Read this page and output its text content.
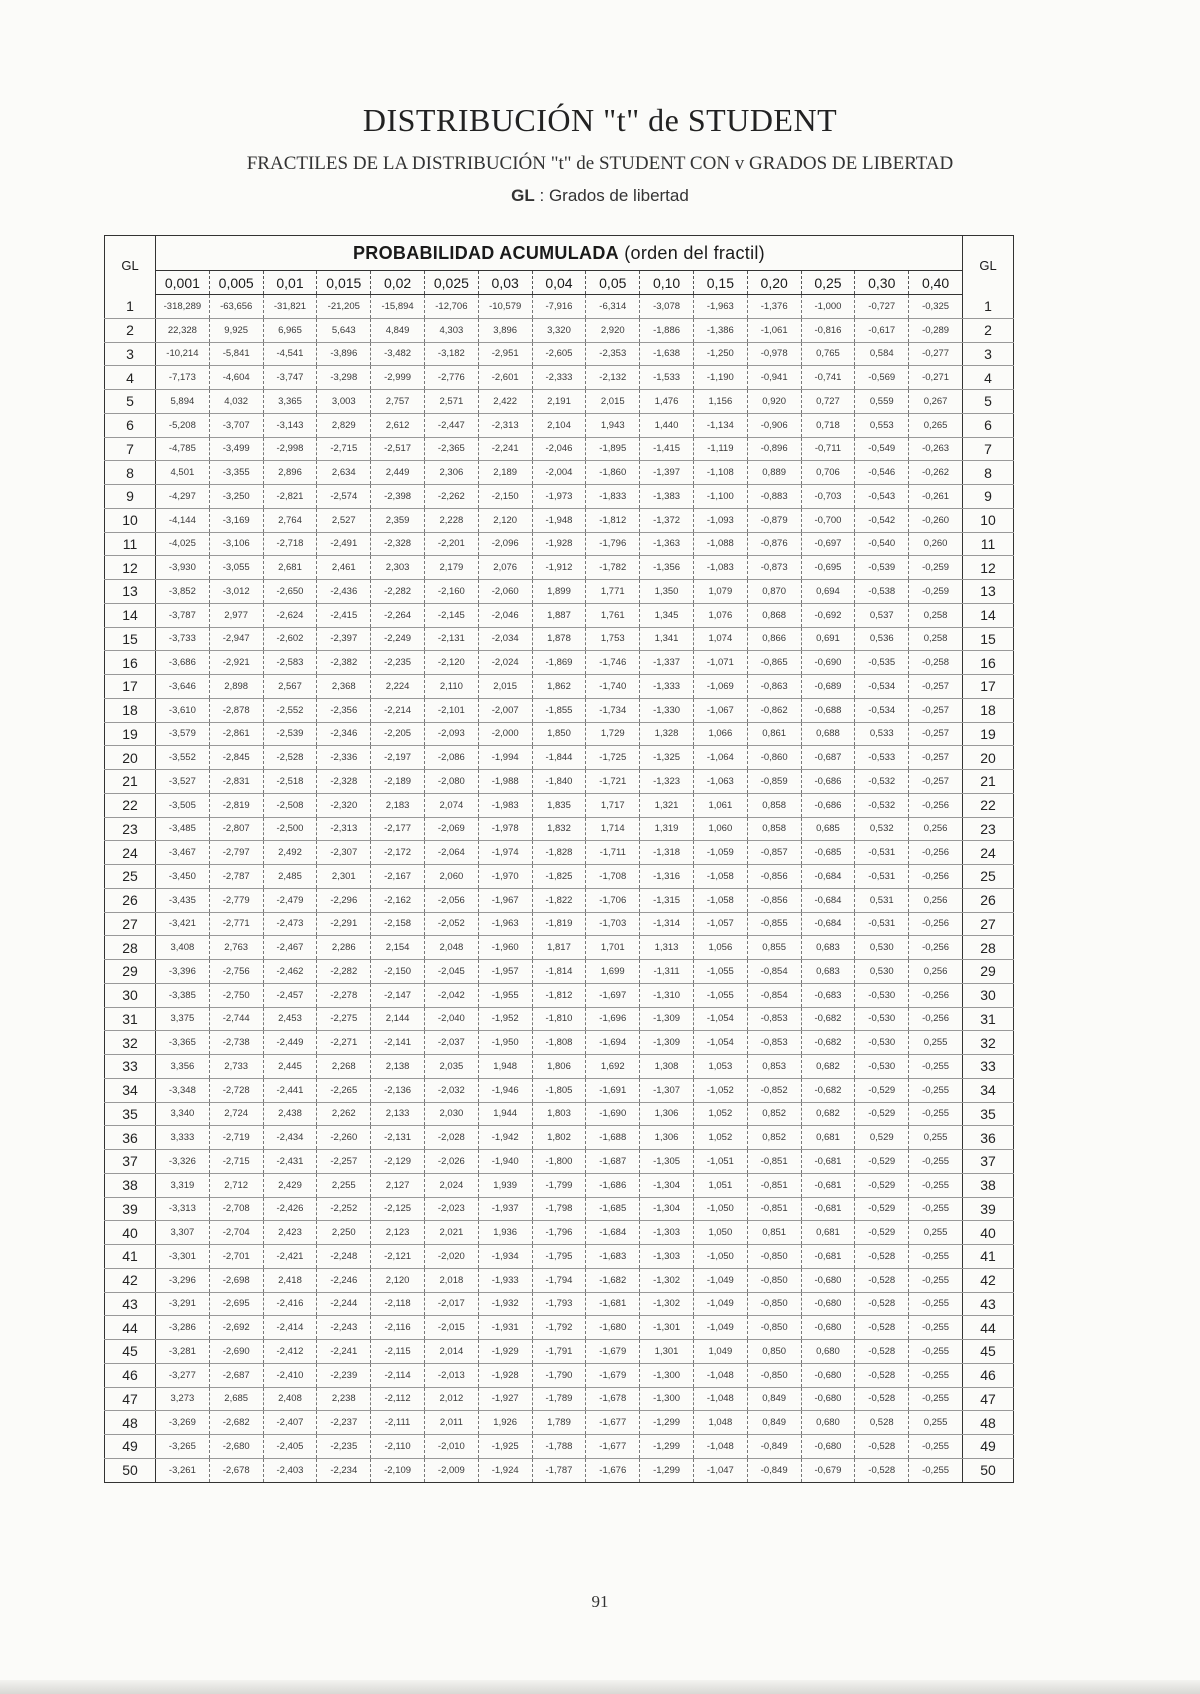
DISTRIBUCIÓN "t" de STUDENT
FRACTILES DE LA DISTRIBUCIÓN "t" de STUDENT CON v GRADOS DE LIBERTAD
GL : Grados de libertad
GL	PROBABILIDAD ACUMULADA (orden del fractil)															GL
	0,001	0,005	0,01	0,015	0,02	0,025	0,03	0,04	0,05	0,10	0,15	0,20	0,25	0,30	0,40	
1	-318,289	-63,656	-31,821	-21,205	-15,894	-12,706	-10,579	-7,916	-6,314	-3,078	-1,963	-1,376	-1,000	-0,727	-0,325	1
2	22,328	9,925	6,965	5,643	4,849	4,303	3,896	3,320	2,920	-1,886	-1,386	-1,061	-0,816	-0,617	-0,289	2
3	-10,214	-5,841	-4,541	-3,896	-3,482	-3,182	-2,951	-2,605	-2,353	-1,638	-1,250	-0,978	0,765	0,584	-0,277	3
4	-7,173	-4,604	-3,747	-3,298	-2,999	-2,776	-2,601	-2,333	-2,132	-1,533	-1,190	-0,941	-0,741	-0,569	-0,271	4
5	5,894	4,032	3,365	3,003	2,757	2,571	2,422	2,191	2,015	1,476	1,156	0,920	0,727	0,559	0,267	5
6	-5,208	-3,707	-3,143	2,829	2,612	-2,447	-2,313	2,104	1,943	1,440	-1,134	-0,906	0,718	0,553	0,265	6
7	-4,785	-3,499	-2,998	-2,715	-2,517	-2,365	-2,241	-2,046	-1,895	-1,415	-1,119	-0,896	-0,711	-0,549	-0,263	7
8	4,501	-3,355	2,896	2,634	2,449	2,306	2,189	-2,004	-1,860	-1,397	-1,108	0,889	0,706	-0,546	-0,262	8
9	-4,297	-3,250	-2,821	-2,574	-2,398	-2,262	-2,150	-1,973	-1,833	-1,383	-1,100	-0,883	-0,703	-0,543	-0,261	9
10	-4,144	-3,169	2,764	2,527	2,359	2,228	2,120	-1,948	-1,812	-1,372	-1,093	-0,879	-0,700	-0,542	-0,260	10
11	-4,025	-3,106	-2,718	-2,491	-2,328	-2,201	-2,096	-1,928	-1,796	-1,363	-1,088	-0,876	-0,697	-0,540	0,260	11
12	-3,930	-3,055	2,681	2,461	2,303	2,179	2,076	-1,912	-1,782	-1,356	-1,083	-0,873	-0,695	-0,539	-0,259	12
13	-3,852	-3,012	-2,650	-2,436	-2,282	-2,160	-2,060	1,899	1,771	1,350	1,079	0,870	0,694	-0,538	-0,259	13
14	-3,787	2,977	-2,624	-2,415	-2,264	-2,145	-2,046	1,887	1,761	1,345	1,076	0,868	-0,692	0,537	0,258	14
15	-3,733	-2,947	-2,602	-2,397	-2,249	-2,131	-2,034	1,878	1,753	1,341	1,074	0,866	0,691	0,536	0,258	15
16	-3,686	-2,921	-2,583	-2,382	-2,235	-2,120	-2,024	-1,869	-1,746	-1,337	-1,071	-0,865	-0,690	-0,535	-0,258	16
17	-3,646	2,898	2,567	2,368	2,224	2,110	2,015	1,862	-1,740	-1,333	-1,069	-0,863	-0,689	-0,534	-0,257	17
18	-3,610	-2,878	-2,552	-2,356	-2,214	-2,101	-2,007	-1,855	-1,734	-1,330	-1,067	-0,862	-0,688	-0,534	-0,257	18
19	-3,579	-2,861	-2,539	-2,346	-2,205	-2,093	-2,000	1,850	1,729	1,328	1,066	0,861	0,688	0,533	-0,257	19
20	-3,552	-2,845	-2,528	-2,336	-2,197	-2,086	-1,994	-1,844	-1,725	-1,325	-1,064	-0,860	-0,687	-0,533	-0,257	20
21	-3,527	-2,831	-2,518	-2,328	-2,189	-2,080	-1,988	-1,840	-1,721	-1,323	-1,063	-0,859	-0,686	-0,532	-0,257	21
22	-3,505	-2,819	-2,508	-2,320	2,183	2,074	-1,983	1,835	1,717	1,321	1,061	0,858	-0,686	-0,532	-0,256	22
23	-3,485	-2,807	-2,500	-2,313	-2,177	-2,069	-1,978	1,832	1,714	1,319	1,060	0,858	0,685	0,532	0,256	23
24	-3,467	-2,797	2,492	-2,307	-2,172	-2,064	-1,974	-1,828	-1,711	-1,318	-1,059	-0,857	-0,685	-0,531	-0,256	24
25	-3,450	-2,787	2,485	2,301	-2,167	2,060	-1,970	-1,825	-1,708	-1,316	-1,058	-0,856	-0,684	-0,531	-0,256	25
26	-3,435	-2,779	-2,479	-2,296	-2,162	-2,056	-1,967	-1,822	-1,706	-1,315	-1,058	-0,856	-0,684	0,531	0,256	26
27	-3,421	-2,771	-2,473	-2,291	-2,158	-2,052	-1,963	-1,819	-1,703	-1,314	-1,057	-0,855	-0,684	-0,531	-0,256	27
28	3,408	2,763	-2,467	2,286	2,154	2,048	-1,960	1,817	1,701	1,313	1,056	0,855	0,683	0,530	-0,256	28
29	-3,396	-2,756	-2,462	-2,282	-2,150	-2,045	-1,957	-1,814	1,699	-1,311	-1,055	-0,854	0,683	0,530	0,256	29
30	-3,385	-2,750	-2,457	-2,278	-2,147	-2,042	-1,955	-1,812	-1,697	-1,310	-1,055	-0,854	-0,683	-0,530	-0,256	30
31	3,375	-2,744	2,453	-2,275	2,144	-2,040	-1,952	-1,810	-1,696	-1,309	-1,054	-0,853	-0,682	-0,530	-0,256	31
32	-3,365	-2,738	-2,449	-2,271	-2,141	-2,037	-1,950	-1,808	-1,694	-1,309	-1,054	-0,853	-0,682	-0,530	0,255	32
33	3,356	2,733	2,445	2,268	2,138	2,035	1,948	1,806	1,692	1,308	1,053	0,853	0,682	-0,530	-0,255	33
34	-3,348	-2,728	-2,441	-2,265	-2,136	-2,032	-1,946	-1,805	-1,691	-1,307	-1,052	-0,852	-0,682	-0,529	-0,255	34
35	3,340	2,724	2,438	2,262	2,133	2,030	1,944	1,803	-1,690	1,306	1,052	0,852	0,682	-0,529	-0,255	35
36	3,333	-2,719	-2,434	-2,260	-2,131	-2,028	-1,942	1,802	-1,688	1,306	1,052	0,852	0,681	0,529	0,255	36
37	-3,326	-2,715	-2,431	-2,257	-2,129	-2,026	-1,940	-1,800	-1,687	-1,305	-1,051	-0,851	-0,681	-0,529	-0,255	37
38	3,319	2,712	2,429	2,255	2,127	2,024	1,939	-1,799	-1,686	-1,304	1,051	-0,851	-0,681	-0,529	-0,255	38
39	-3,313	-2,708	-2,426	-2,252	-2,125	-2,023	-1,937	-1,798	-1,685	-1,304	-1,050	-0,851	-0,681	-0,529	-0,255	39
40	3,307	-2,704	2,423	2,250	2,123	2,021	1,936	-1,796	-1,684	-1,303	1,050	0,851	0,681	-0,529	0,255	40
41	-3,301	-2,701	-2,421	-2,248	-2,121	-2,020	-1,934	-1,795	-1,683	-1,303	-1,050	-0,850	-0,681	-0,528	-0,255	41
42	-3,296	-2,698	2,418	-2,246	2,120	2,018	-1,933	-1,794	-1,682	-1,302	-1,049	-0,850	-0,680	-0,528	-0,255	42
43	-3,291	-2,695	-2,416	-2,244	-2,118	-2,017	-1,932	-1,793	-1,681	-1,302	-1,049	-0,850	-0,680	-0,528	-0,255	43
44	-3,286	-2,692	-2,414	-2,243	-2,116	-2,015	-1,931	-1,792	-1,680	-1,301	-1,049	-0,850	-0,680	-0,528	-0,255	44
45	-3,281	-2,690	-2,412	-2,241	-2,115	2,014	-1,929	-1,791	-1,679	1,301	1,049	0,850	0,680	-0,528	-0,255	45
46	-3,277	-2,687	-2,410	-2,239	-2,114	-2,013	-1,928	-1,790	-1,679	-1,300	-1,048	-0,850	-0,680	-0,528	-0,255	46
47	3,273	2,685	2,408	2,238	-2,112	2,012	-1,927	-1,789	-1,678	-1,300	-1,048	0,849	-0,680	-0,528	-0,255	47
48	-3,269	-2,682	-2,407	-2,237	-2,111	2,011	1,926	1,789	-1,677	-1,299	1,048	0,849	0,680	0,528	0,255	48
49	-3,265	-2,680	-2,405	-2,235	-2,110	-2,010	-1,925	-1,788	-1,677	-1,299	-1,048	-0,849	-0,680	-0,528	-0,255	49
50	-3,261	-2,678	-2,403	-2,234	-2,109	-2,009	-1,924	-1,787	-1,676	-1,299	-1,047	-0,849	-0,679	-0,528	-0,255	50
91
